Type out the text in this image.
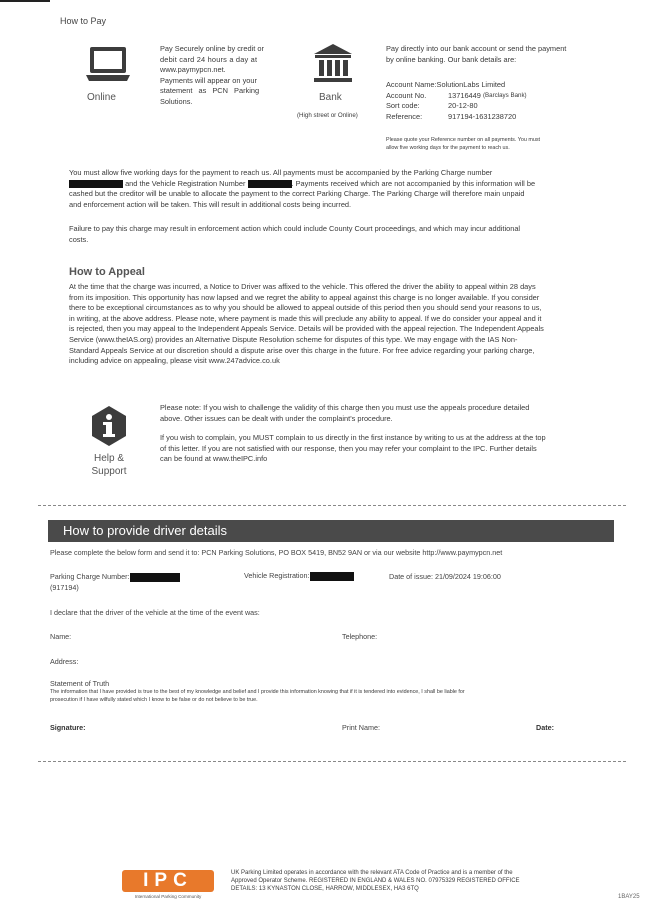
How to Pay
Online
Pay Securely online by credit or
debit card 24 hours a day at
www.paymypcn.net.
Payments will appear on your
statement as PCN Parking
Solutions.	Bank
(High street or Online)
Pay directly into our bank account or send the payment
by online banking. Our bank details are:
Account Name:SolutionLabs Limited
Account No.	13716449
(Barclays Bank)
Sort code:	20-12-80
Reference:	917194-1631238720
Please quote your Reference number on all payments. You must
allow five working days for the payment to reach us.
You must allow five working days for the payment to reach us. All payments must be accompanied by the Parking Charge number
and the Vehicle Registration Number	. Payments received which are not accompanied by this information will be
cashed but the creditor will be unable to allocate the payment to the correct Parking Charge. The Parking Charge will therefore main unpaid
and enforcement action will be taken. This will result in additional costs being incurred.
Failure to pay this charge may result in enforcement action which could include County Court proceedings, and which may incur additional
costs.
How to Appeal
At the time that the charge was incurred, a Notice to Driver was affixed to the vehicle. This offered the driver the ability to appeal within 28 days
from its imposition. This opportunity has now lapsed and we regret the ability to appeal against this charge is no longer available. If you consider
there to be exceptional circumstances as to why you should be allowed to appeal outside of this period then you should send your reasons to us,
in writing, at the above address. Please note, where payment is made this will preclude any ability to appeal. If we do consider your appeal and it
is rejected, then you may appeal to the Independent Appeals Service. Details will be provided with the appeal rejection. The Independent Appeals
Service (www.theIAS.org) provides an Alternative Dispute Resolution scheme for disputes of this type. We may engage with the IAS Non-
Standard Appeals Service at our discretion should a dispute arise over this charge in the future. For free advice regarding your parking charge,
including advice on appealing, please visit www.247advice.co.uk
Help &
Support
Please note: If you wish to challenge the validity of this charge then you must use the appeals procedure detailed
above. Other issues can be dealt with under the complaint's procedure.
If you wish to complain, you MUST complain to us directly in the first instance by writing to us at the address at the top
of this letter. If you are not satisfied with our response, then you may refer your complaint to the IPC. Further details
can be found at www.theIPC.info
How to provide driver details
Please complete the below form and send it to: PCN Parking Solutions, PO BOX 5419, BN52 9AN or via our website http://www.paymypcn.net
Parking Charge Number:
(917194)
Vehicle Registration:	Date of issue: 21/09/2024 19:06:00
I declare that the driver of the vehicle at the time of the event was:
Name:	Telephone:
Address:
Statement of Truth
The information that I have provided is true to the best of my knowledge and belief and I provide this information knowing that if it is tendered into evidence, I shall be liable for
prosecution if I have wilfully stated which I know to be false or do not believe to be true.
Signature:	Print Name:	Date:
IPC
International Parking Community
UK Parking Limited operates in accordance with the relevant ATA Code of Practice and is a member of the
Approved Operator Scheme. REGISTERED IN ENGLAND & WALES NO. 07975329 REGISTERED OFFICE
DETAILS: 13 KYNASTON CLOSE, HARROW, MIDDLESEX, HA3 6TQ
1BAY25
